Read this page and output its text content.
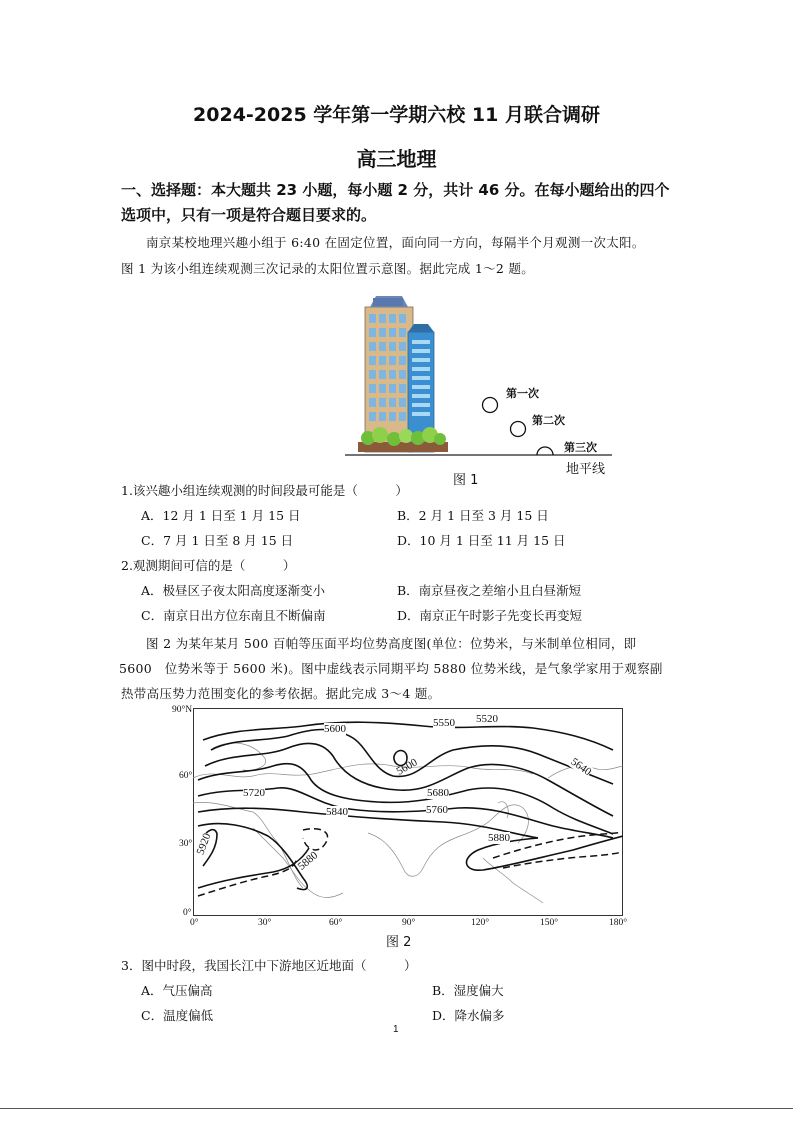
2024-2025 学年第一学期六校 11 月联合调研
高三地理
一、选择题：本大题共 23 小题，每小题 2 分，共计 46 分。在每小题给出的四个
选项中，只有一项是符合题目要求的。
南京某校地理兴趣小组于 6:40 在固定位置，面向同一方向，每隔半个月观测一次太阳。
图 1 为该小组连续观测三次记录的太阳位置示意图。据此完成 1～2 题。
第一次
第二次
第三次
地平线
图 1
1.该兴趣小组连续观测的时间段最可能是（　　　）
A．12 月 1 日至 1 月 15 日	B．2 月 1 日至 3 月 15 日
C．7 月 1 日至 8 月 15 日	D．10 月 1 日至 11 月 15 日
2.观测期间可信的是（　　　）
A．极昼区子夜太阳高度逐渐变小	B．南京昼夜之差缩小且白昼渐短
C．南京日出方位东南且不断偏南	D．南京正午时影子先变长再变短
图 2 为某年某月 500 百帕等压面平均位势高度图(单位：位势米，与米制单位相同，即
5600　位势米等于 5600 米)。图中虚线表示同期平均 5880 位势米线，是气象学家用于观察副
热带高压势力范围变化的参考依据。据此完成 3～4 题。
90°N
60°
30°
0°
0°	30°	60°	90°	120°	150°	180°
5600	5550 5520
5600	5640
5720	5680
5760
5840
5880
5920
5880
图 2
3．图中时段，我国长江中下游地区近地面（　　　）
A．气压偏高	B．湿度偏大
C．温度偏低	D．降水偏多
1
